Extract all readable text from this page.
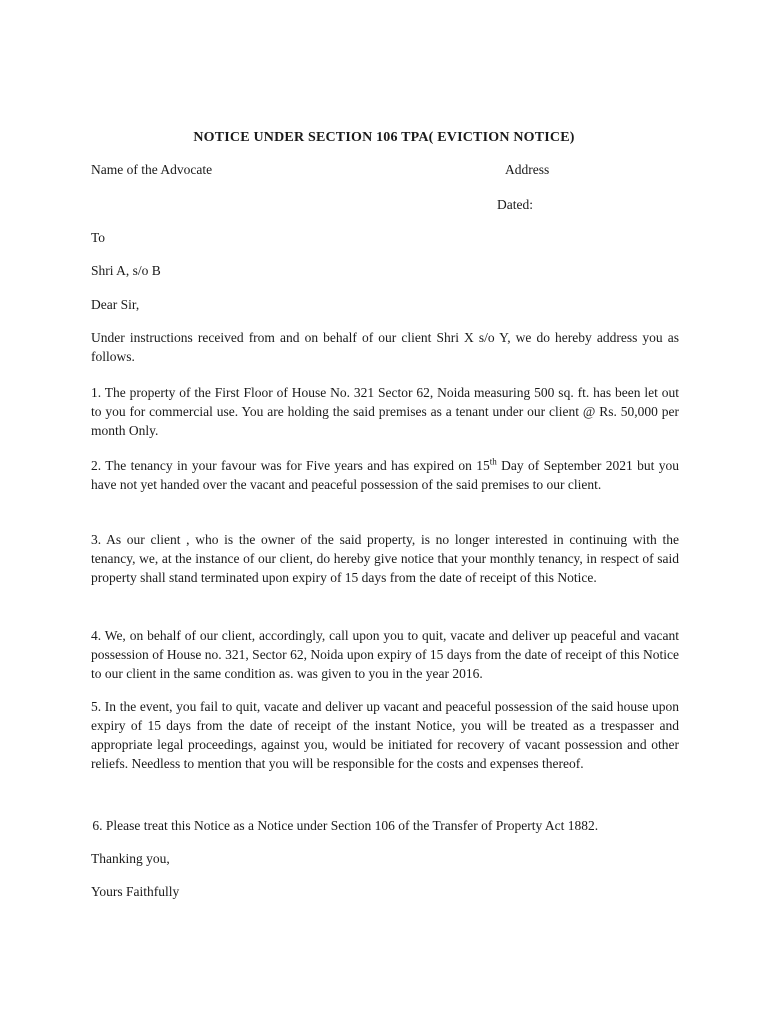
NOTICE UNDER SECTION 106 TPA( EVICTION NOTICE)
Name of the Advocate	Address
Dated:
To
Shri A, s/o B
Dear Sir,
Under instructions received from and on behalf of our client Shri X s/o Y, we do hereby address you as follows.
1. The property of the First Floor of House No. 321 Sector 62, Noida measuring 500 sq. ft. has been let out to you for commercial use. You are holding the said premises as a tenant under our client @ Rs. 50,000 per month Only.
2. The tenancy in your favour was for Five years and has expired on 15th Day of September 2021 but you have not yet handed over the vacant and peaceful possession of the said premises to our client.
3. As our client , who is the owner of the said property, is no longer interested in continuing with the tenancy, we, at the instance of our client, do hereby give notice that your monthly tenancy, in respect of said property shall stand terminated upon expiry of 15 days from the date of receipt of this Notice.
4. We, on behalf of our client, accordingly, call upon you to quit, vacate and deliver up peaceful and vacant possession of House no. 321, Sector 62, Noida upon expiry of 15 days from the date of receipt of this Notice to our client in the same condition as. was given to you in the year 2016.
5. In the event, you fail to quit, vacate and deliver up vacant and peaceful possession of the said house upon expiry of 15 days from the date of receipt of the instant Notice, you will be treated as a trespasser and appropriate legal proceedings, against you, would be initiated for recovery of vacant possession and other reliefs. Needless to mention that you will be responsible for the costs and expenses thereof.
6. Please treat this Notice as a Notice under Section 106 of the Transfer of Property Act 1882.
Thanking you,
Yours Faithfully
